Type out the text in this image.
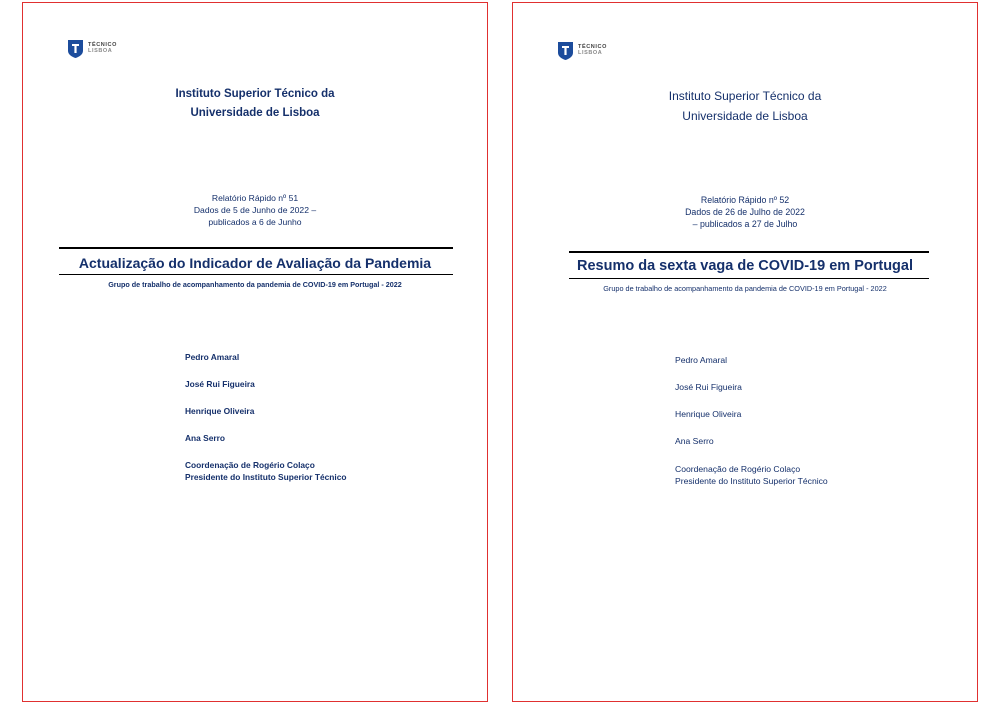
TÉCNICO
LISBOA
Instituto Superior Técnico da
Universidade de Lisboa
Relatório Rápido nº 51
Dados de 5 de Junho de 2022 –
publicados a 6 de Junho
Actualização do Indicador de Avaliação da Pandemia
Grupo de trabalho de acompanhamento da pandemia de COVID-19 em Portugal - 2022
Pedro Amaral
José Rui Figueira
Henrique Oliveira
Ana Serro
Coordenação de Rogério Colaço
Presidente do Instituto Superior Técnico
TÉCNICO
LISBOA
Instituto Superior Técnico da
Universidade de Lisboa
Relatório Rápido nº 52
Dados de 26 de Julho de 2022
– publicados a 27 de Julho
Resumo da sexta vaga de COVID-19 em Portugal
Grupo de trabalho de acompanhamento da pandemia de COVID-19 em Portugal - 2022
Pedro Amaral
José Rui Figueira
Henrique Oliveira
Ana Serro
Coordenação de Rogério Colaço
Presidente do Instituto Superior Técnico
